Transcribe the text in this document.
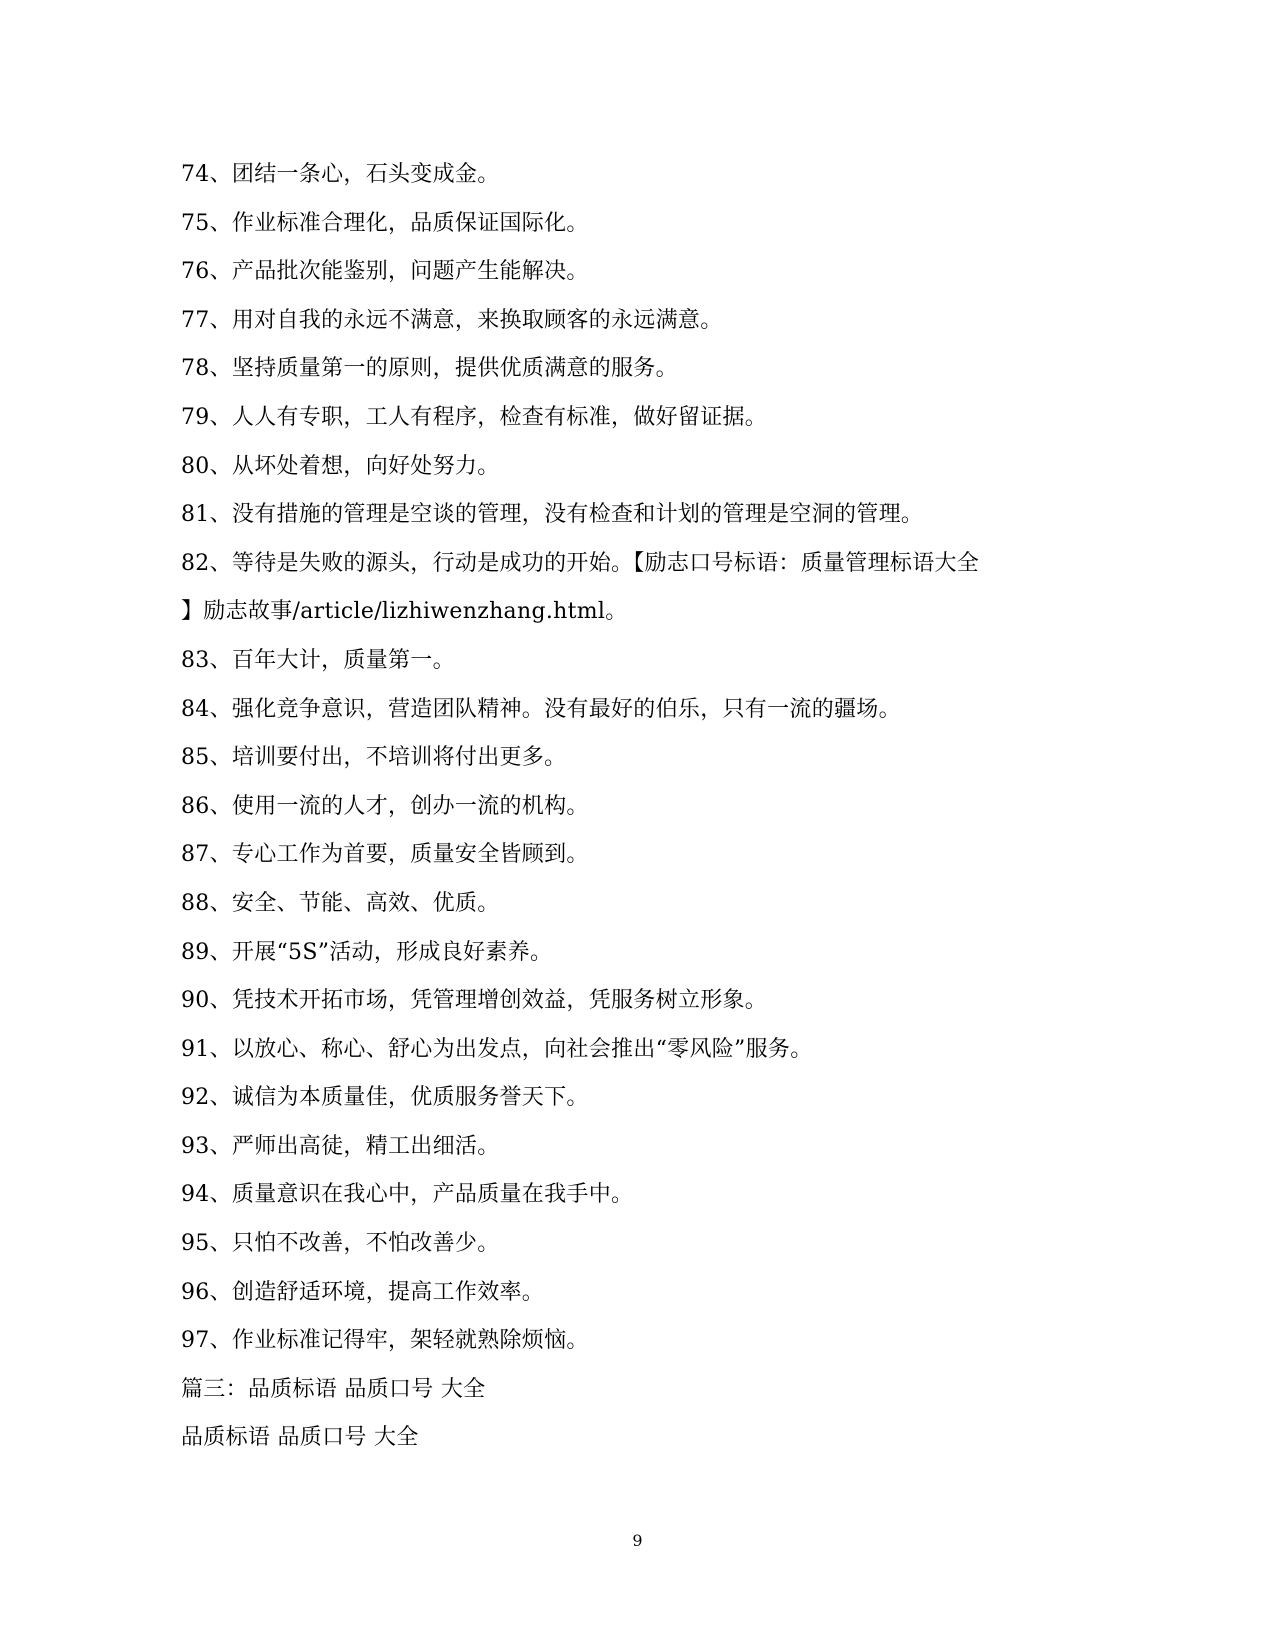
74、团结一条心，石头变成金。
75、作业标准合理化，品质保证国际化。
76、产品批次能鉴别，问题产生能解决。
77、用对自我的永远不满意，来换取顾客的永远满意。
78、坚持质量第一的原则，提供优质满意的服务。
79、人人有专职，工人有程序，检查有标准，做好留证据。
80、从坏处着想，向好处努力。
81、没有措施的管理是空谈的管理，没有检查和计划的管理是空洞的管理。
82、等待是失败的源头，行动是成功的开始。【励志口号标语：质量管理标语大全
】励志故事/article/lizhiwenzhang.html。
83、百年大计，质量第一。
84、强化竞争意识，营造团队精神。没有最好的伯乐，只有一流的疆场。
85、培训要付出，不培训将付出更多。
86、使用一流的人才，创办一流的机构。
87、专心工作为首要，质量安全皆顾到。
88、安全、节能、高效、优质。
89、开展“5S”活动，形成良好素养。
90、凭技术开拓市场，凭管理增创效益，凭服务树立形象。
91、以放心、称心、舒心为出发点，向社会推出“零风险”服务。
92、诚信为本质量佳，优质服务誉天下。
93、严师出高徒，精工出细活。
94、质量意识在我心中，产品质量在我手中。
95、只怕不改善，不怕改善少。
96、创造舒适环境，提高工作效率。
97、作业标准记得牢，架轻就熟除烦恼。
篇三：品质标语 品质口号 大全
品质标语 品质口号 大全
9
